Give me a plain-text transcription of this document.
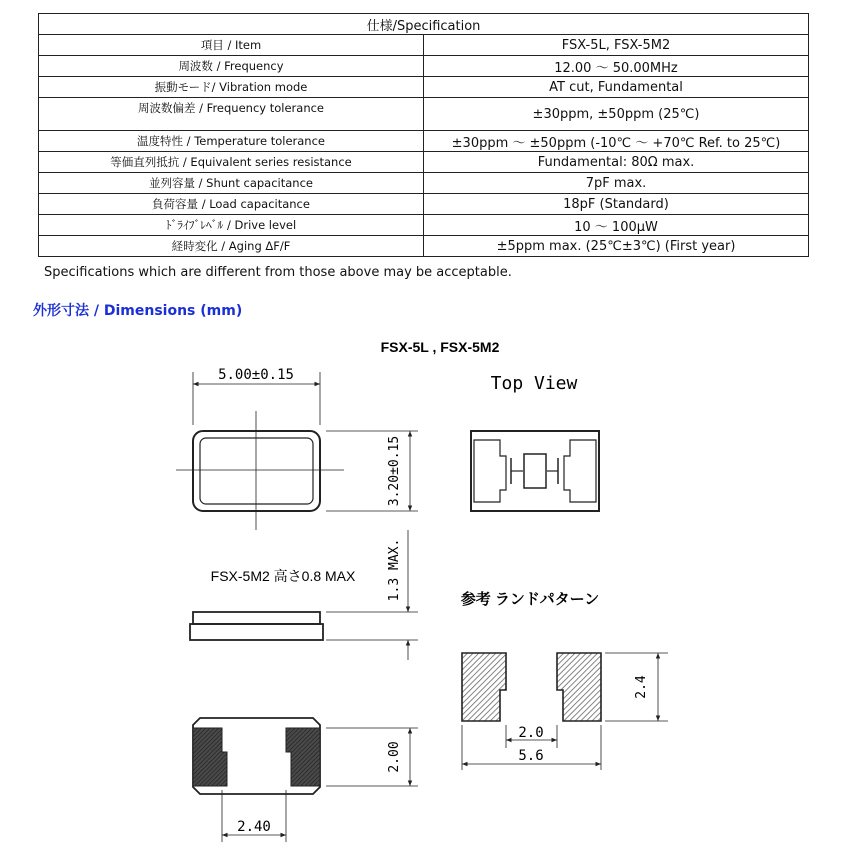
仕様/Specification	
項目 / Item	FSX-5L, FSX-5M2
周波数 / Frequency	12.00 ～ 50.00MHz
振動モード/ Vibration mode	AT cut, Fundamental
周波数偏差 / Frequency tolerance	±30ppm, ±50ppm (25℃)
温度特性 / Temperature tolerance	±30ppm ～ ±50ppm (-10℃ ～ +70℃ Ref. to 25℃)
等価直列抵抗 / Equivalent series resistance	Fundamental: 80Ω max.
並列容量 / Shunt capacitance	7pF max.
負荷容量 / Load capacitance	18pF (Standard)
ﾄﾞﾗｲﾌﾞﾚﾍﾞﾙ / Drive level	10 ～ 100μW
経時変化 / Aging ΔF/F	±5ppm max. (25℃±3℃) (First year)
Specifications which are different from those above may be acceptable.
外形寸法 / Dimensions (mm)
FSX-5L , FSX-5M2
5.00±0.15
3.20±0.15
Top View
FSX-5M2 高さ0.8 MAX 1.3 MAX.
2.00
2.40
参考 ランドパターン
2.4
2.0
5.6
